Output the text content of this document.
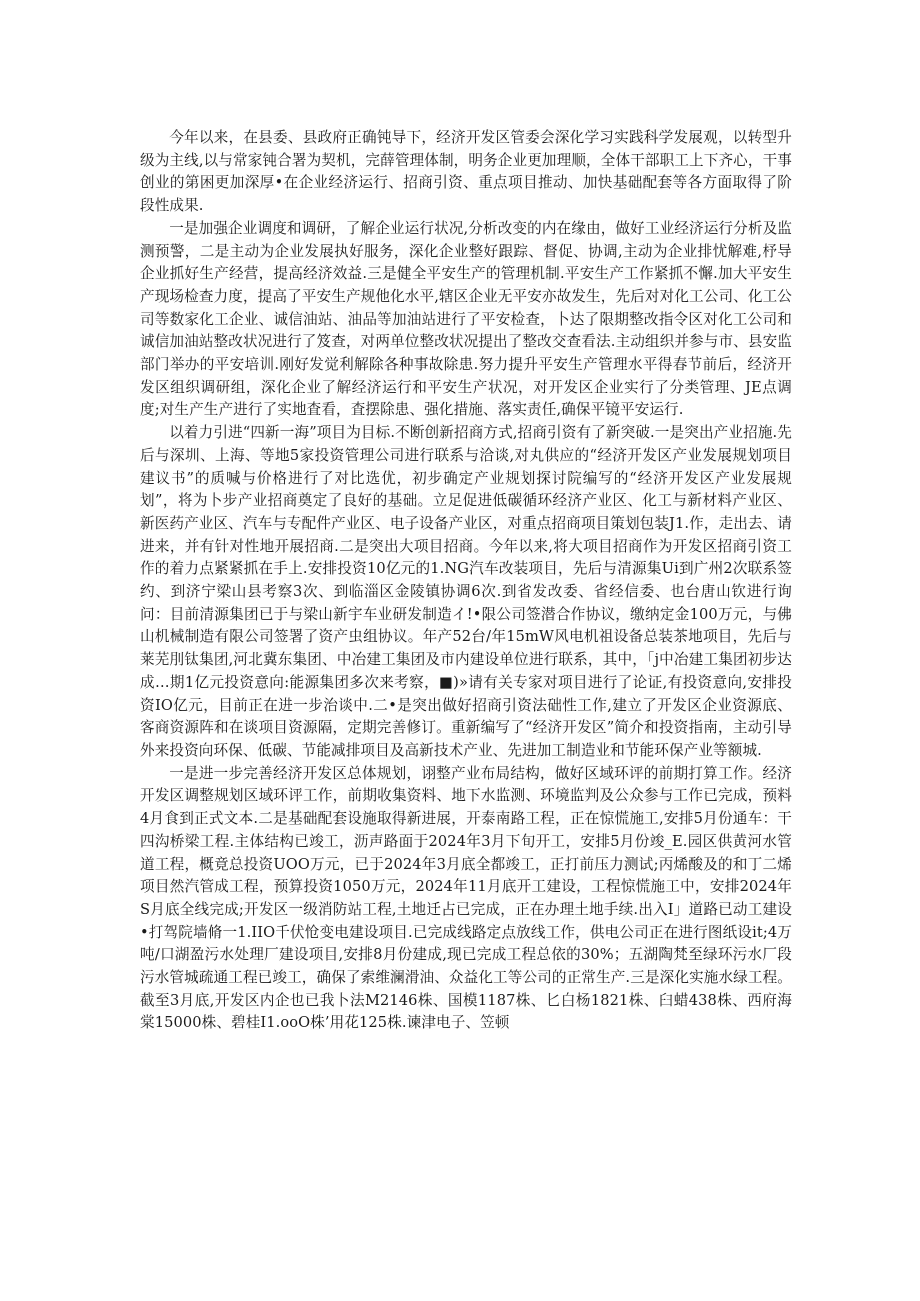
今年以来，在县委、县政府正确钝导下，经济开发区管委会深化学习实践科学发展观，以转型升级为主线,以与常家钝合署为契机，完薛管理体制，明务企业更加理顺，全体干部职工上下齐心，干事创业的第困更加深厚•在企业经济运行、招商引资、重点项目推动、加快基础配套等各方面取得了阶段性成果.

一是加强企业调度和调研，了解企业运行状况,分析改变的内在缘由，做好工业经济运行分析及监测预警，二是主动为企业发展执好服务，深化企业整好跟踪、督促、协调,主动为企业排忧解难,杼导企业抓好生产经营，提高经济效益.三是健全平安生产的管理机制.平安生产工作紧抓不懈.加大平安生产现场检查力度，提高了平安生产规他化水平,辖区企业无平安亦故发生，先后对对化工公司、化工公司等数家化工企业、诚信油站、油品等加油站进行了平安检查，卜达了限期整改指令区对化工公司和诚信加油站整改状况进行了笈查，对两单位整改状况提出了整改交查看法.主动组织并参与市、县安监部门举办的平安培训.刚好发觉利解除各种事故除患.努力提升平安生产管理水平得春节前后，经济开发区组织调研组，深化企业了解经济运行和平安生产状况，对开发区企业实行了分类管理、JE点调度;对生产生产进行了实地査看，査摆除患、强化措施、落实责任,确保平镜平安运行.

以着力引进“四新一海”项目为目标.不断创新招商方式,招商引资有了新突破.一是突出产业招施.先后与深圳、上海、等地5家投资管理公司进行联系与洽谈,对丸供应的“经济开发区产业发展规划项目建议书”的质喊与价格进行了对比选优，初步确定产业规划探讨院编写的“经济开发区产业发展规划”，将为卜步产业招商奠定了良好的基础。立足促进低碳循环经济产业区、化工与新材料产业区、新医药产业区、汽车与专配件产业区、电子设备产业区，对重点招商项目策划包装J1.作，走出去、请进来，并有针对性地开展招商.二是突出大项目招商。今年以来,将大项目招商作为开发区招商引资工作的着力点紧紧抓在手上.安排投资10亿元的1.NG汽车改装项目，先后与清源集Ui到广州2次联系签约、到济宁梁山县考察3次、到临淄区金陵镇协调6次.到省发改委、省经信委、也台唐山钦进行询问：目前清源集团已于与梁山新宇车业研发制造イ!•限公司签潜合作协议，缴纳定金100万元，与佛山机械制造有限公司签署了资产虫组协议。年产52台/年15mW风电机祖设备总装茶地项目，先后与莱芜刖钛集团,河北冀东集团、中冶建工集团及市内建设单位进行联系，其中，「j中冶建工集团初步达成…期1亿元投资意向:能源集团多次来考察，■)»请有关专家对项目进行了论证,有投资意向,安排投资IO亿元，目前正在进一步治谈中.二•是突出做好招商引资法础性工作,建立了开发区企业资源底、客商资源阵和在谈项目资源隔，定期完善修订。重新编写了“经济开发区”简介和投资指南，主动引导外来投资向环保、低碳、节能减排项目及高新技术产业、先进加工制造业和节能环保产业等额城.

一是进一步完善经济开发区总体规划，诩整产业布局结构，做好区域环评的前期打算工作。经济开发区调整规划区域环评工作，前期收集资料、地下水监测、环境监判及公众参与工作已完成，预料4月食到正式文本.二是基础配套设施取得新进展，开泰南路工程，正在惊慌施工,安排5月份通车：干四沟桥梁工程.主体结构已竣工，沥声路面于2024年3月下旬开工，安排5月份竣_E.园区供黄河水管道工程，概竟总投资UOO万元，已于2024年3月底全都竣工，正打前压力测试;丙烯酸及的和丁二烯项目然汽管成工程，预算投资1050万元，2024年11月底开工建设，工程惊慌施工中，安排2024年S月底全线完成;开发区一级消防站工程,土地迁占已完成，正在办理土地手续.出入I」道路已动工建设•打驾院墙脩一1.IIO千伏怆变电建设项目.已完成线路定点放线工作，供电公司正在进行图纸设it;4万吨/口湖盈污水处理厂建设项目,安排8月份建成,现已完成工程总依的30%；五湖陶梵至绿环污水厂段污水管城疏通工程已竣工，确保了索维澜滑油、众益化工等公司的正常生产.三是深化实施水绿工程。截至3月底,开发区内企也已我卜法M2146株、国模1187株、匕白杨1821株、臼蜡438株、西府海棠15000株、碧桂I1.ooO株’用花125株.谏津电子、笠顿
